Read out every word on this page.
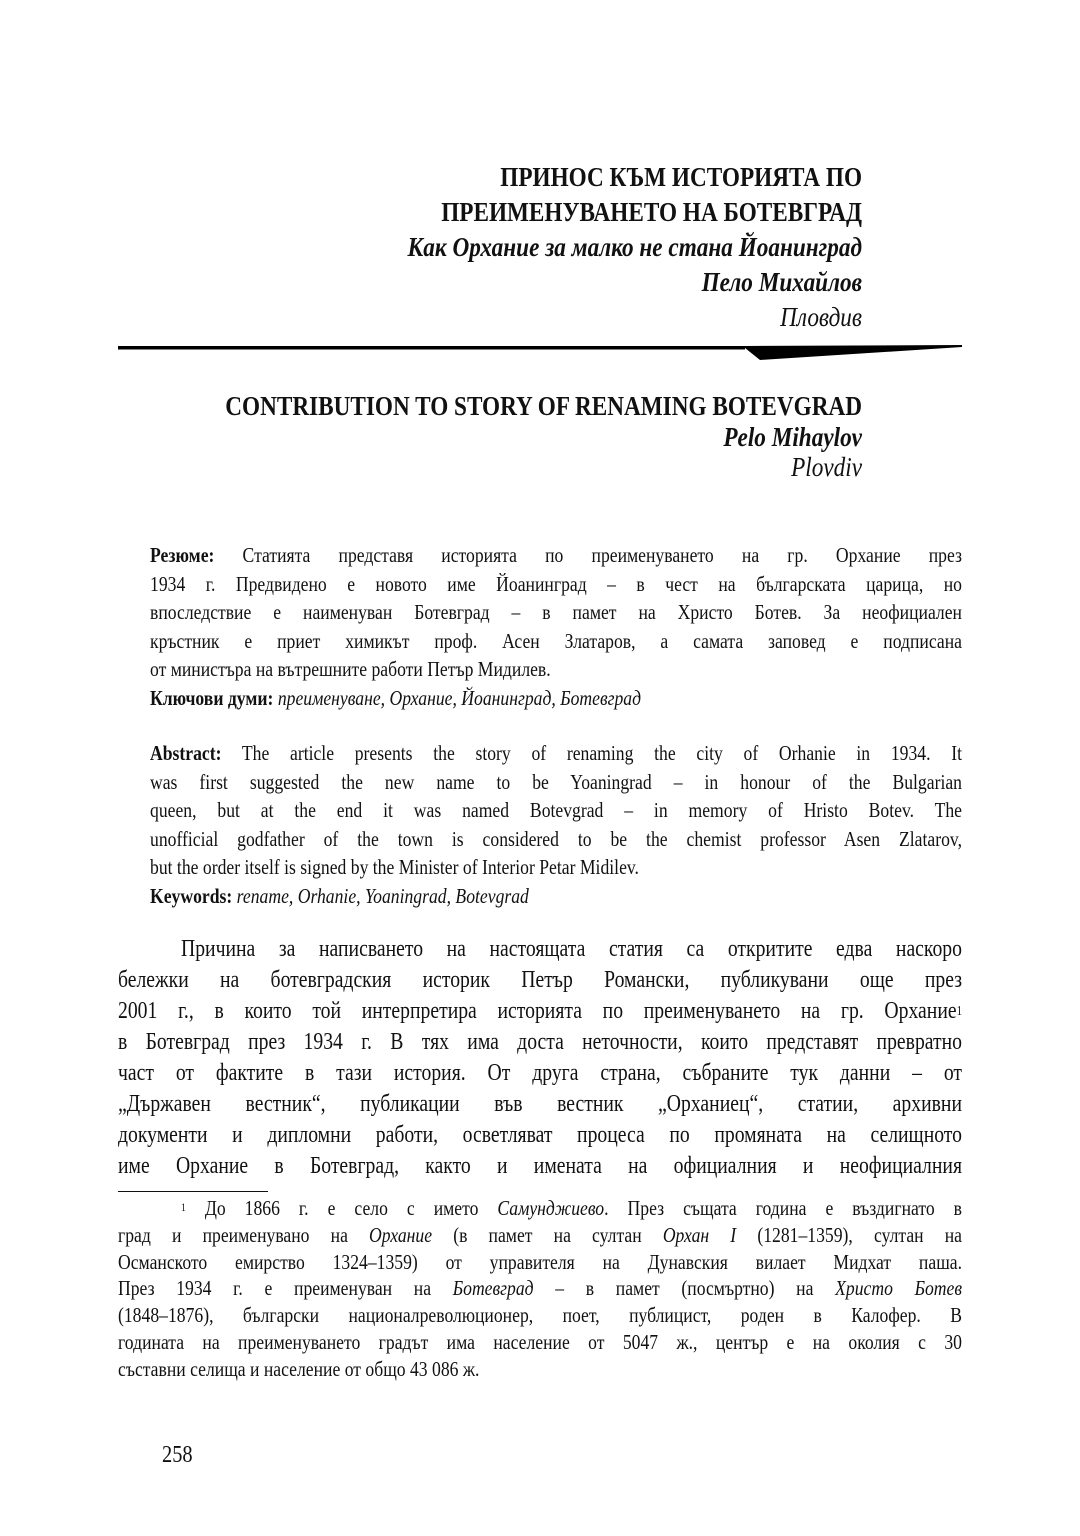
ПРИНОС КЪМ ИСТОРИЯТА ПО
ПРЕИМЕНУВАНЕТО НА БОТЕВГРАД
Как Орхание за малко не стана Йоанинград
Пело Михайлов
Пловдив
CONTRIBUTION TO STORY OF RENAMING BOTEVGRAD
Pelo Mihaylov
Plovdiv
Резюме: Статията представя историята по преименуването на гр. Орхание през
1934 г. Предвидено е новото име Йоанинград – в чест на българската царица, но
впоследствие е наименуван Ботевград – в памет на Христо Ботев. За неофициален
кръстник е приет химикът проф. Асен Златаров, а самата заповед е подписана
от министъра на вътрешните работи Петър Мидилев.
Ключови думи: преименуване, Орхание, Йоанинград, Ботевград
Abstract: The article presents the story of renaming the city of Orhanie in 1934. It
was first suggested the new name to be Yoaningrad – in honour of the Bulgarian
queen, but at the end it was named Botevgrad – in memory of Hristo Botev. The
unofficial godfather of the town is considered to be the chemist professor Asen Zlatarov,
but the order itself is signed by the Minister of Interior Petar Midilev.
Keywords: rename, Orhanie, Yoaningrad, Botevgrad
Причина за написването на настоящата статия са откритите едва наскоро
бележки на ботевградския историк Петър Романски, публикувани още през
2001 г., в които той интерпретира историята по преименуването на гр. Орхание$^1$
в Ботевград през 1934 г. В тях има доста неточности, които представят превратно
част от фактите в тази история. От друга страна, събраните тук данни – от
„Държавен вестник“, публикации във вестник „Орханиец“, статии, архивни
документи и дипломни работи, осветляват процеса по промяната на селищното
име Орхание в Ботевград, както и имената на официалния и неофициалния
$^1$ До 1866 г. е село с името Самунджиево. През същата година е въздигнато в
град и преименувано на Орхание (в памет на султан Орхан I (1281–1359), султан на
Османското емирство 1324–1359) от управителя на Дунавския вилает Мидхат паша.
През 1934 г. е преименуван на Ботевград – в памет (посмъртно) на Христо Ботев
(1848–1876), български националреволюционер, поет, публицист, роден в Калофер. В
годината на преименуването градът има население от 5047 ж., център е на околия с 30
съставни селища и население от общо 43 086 ж.
258
